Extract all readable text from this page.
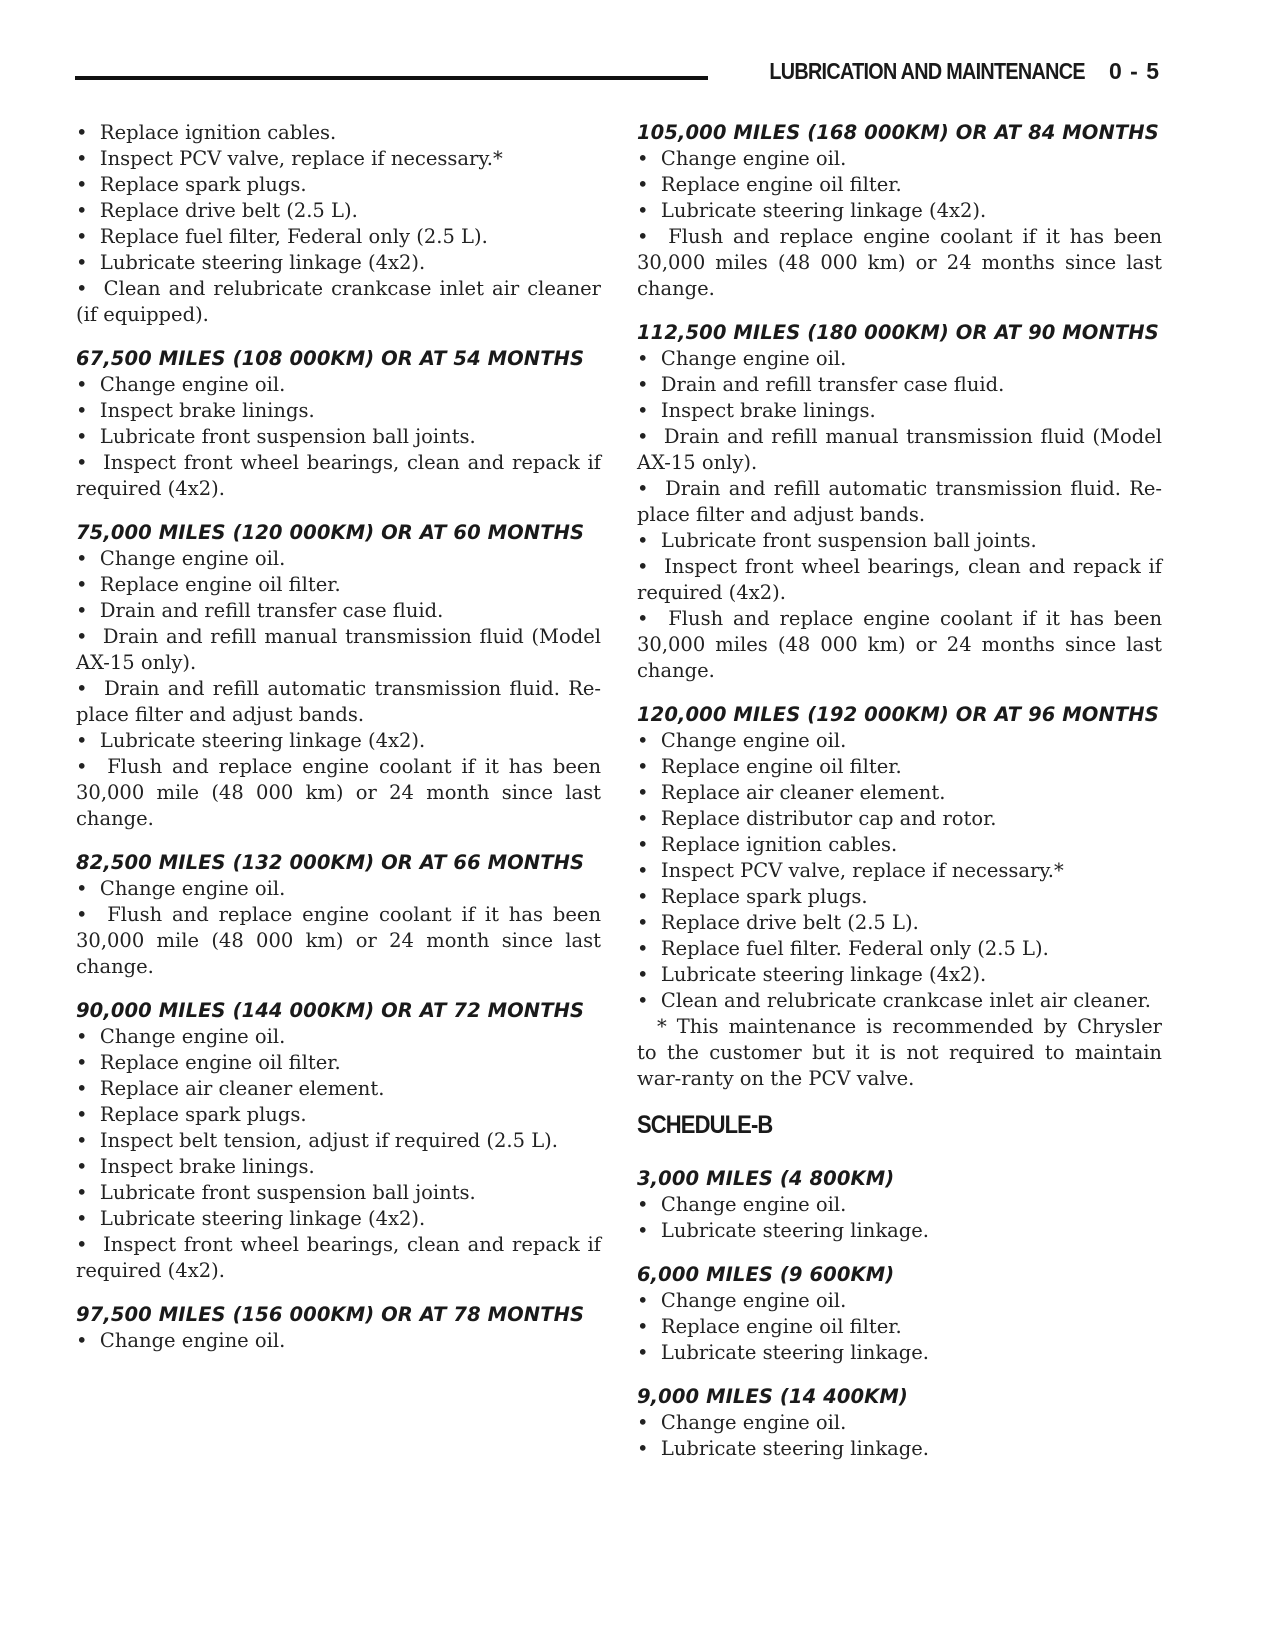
LUBRICATION AND MAINTENANCE 0 - 5
•  Replace ignition cables.
•  Inspect PCV valve, replace if necessary.*
•  Replace spark plugs.
•  Replace drive belt (2.5 L).
•  Replace fuel filter, Federal only (2.5 L).
•  Lubricate steering linkage (4x2).
•  Clean and relubricate crankcase inlet air cleaner (if equipped).
67,500 MILES (108 000KM) OR AT 54 MONTHS
•  Change engine oil.
•  Inspect brake linings.
•  Lubricate front suspension ball joints.
•  Inspect front wheel bearings, clean and repack if required (4x2).
75,000 MILES (120 000KM) OR AT 60 MONTHS
•  Change engine oil.
•  Replace engine oil filter.
•  Drain and refill transfer case fluid.
•  Drain and refill manual transmission fluid (Model AX-15 only).
•  Drain and refill automatic transmission fluid. Re-place filter and adjust bands.
•  Lubricate steering linkage (4x2).
•  Flush and replace engine coolant if it has been 30,000 mile (48 000 km) or 24 month since last change.
82,500 MILES (132 000KM) OR AT 66 MONTHS
•  Change engine oil.
•  Flush and replace engine coolant if it has been 30,000 mile (48 000 km) or 24 month since last change.
90,000 MILES (144 000KM) OR AT 72 MONTHS
•  Change engine oil.
•  Replace engine oil filter.
•  Replace air cleaner element.
•  Replace spark plugs.
•  Inspect belt tension, adjust if required (2.5 L).
•  Inspect brake linings.
•  Lubricate front suspension ball joints.
•  Lubricate steering linkage (4x2).
•  Inspect front wheel bearings, clean and repack if required (4x2).
97,500 MILES (156 000KM) OR AT 78 MONTHS
•  Change engine oil.
105,000 MILES (168 000KM) OR AT 84 MONTHS
•  Change engine oil.
•  Replace engine oil filter.
•  Lubricate steering linkage (4x2).
•  Flush and replace engine coolant if it has been 30,000 miles (48 000 km) or 24 months since last change.
112,500 MILES (180 000KM) OR AT 90 MONTHS
•  Change engine oil.
•  Drain and refill transfer case fluid.
•  Inspect brake linings.
•  Drain and refill manual transmission fluid (Model AX-15 only).
•  Drain and refill automatic transmission fluid. Re-place filter and adjust bands.
•  Lubricate front suspension ball joints.
•  Inspect front wheel bearings, clean and repack if required (4x2).
•  Flush and replace engine coolant if it has been 30,000 miles (48 000 km) or 24 months since last change.
120,000 MILES (192 000KM) OR AT 96 MONTHS
•  Change engine oil.
•  Replace engine oil filter.
•  Replace air cleaner element.
•  Replace distributor cap and rotor.
•  Replace ignition cables.
•  Inspect PCV valve, replace if necessary.*
•  Replace spark plugs.
•  Replace drive belt (2.5 L).
•  Replace fuel filter. Federal only (2.5 L).
•  Lubricate steering linkage (4x2).
•  Clean and relubricate crankcase inlet air cleaner.
* This maintenance is recommended by Chrysler to the customer but it is not required to maintain war-ranty on the PCV valve.
SCHEDULE-B
3,000 MILES (4 800KM)
•  Change engine oil.
•  Lubricate steering linkage.
6,000 MILES (9 600KM)
•  Change engine oil.
•  Replace engine oil filter.
•  Lubricate steering linkage.
9,000 MILES (14 400KM)
•  Change engine oil.
•  Lubricate steering linkage.
